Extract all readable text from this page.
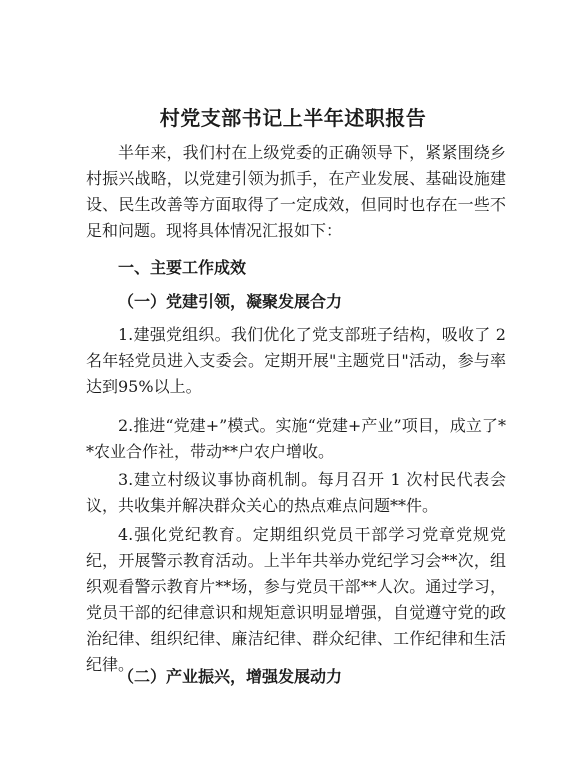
村党支部书记上半年述职报告

半年来，我们村在上级党委的正确领导下，紧紧围绕乡村振兴战略，以党建引领为抓手，在产业发展、基础设施建设、民生改善等方面取得了一定成效，但同时也存在一些不足和问题。现将具体情况汇报如下：

一、主要工作成效

（一）党建引领，凝聚发展合力

1.建强党组织。我们优化了党支部班子结构，吸收了 2 名年轻党员进入支委会。定期开展"主题党日"活动，参与率达到95%以上。

2.推进“党建+”模式。实施“党建+产业”项目，成立了**农业合作社，带动**户农户增收。

3.建立村级议事协商机制。每月召开 1 次村民代表会议，共收集并解决群众关心的热点难点问题**件。

4.强化党纪教育。定期组织党员干部学习党章党规党纪，开展警示教育活动。上半年共举办党纪学习会**次，组织观看警示教育片**场，参与党员干部**人次。通过学习，党员干部的纪律意识和规矩意识明显增强，自觉遵守党的政治纪律、组织纪律、廉洁纪律、群众纪律、工作纪律和生活纪律。

（二）产业振兴，增强发展动力
